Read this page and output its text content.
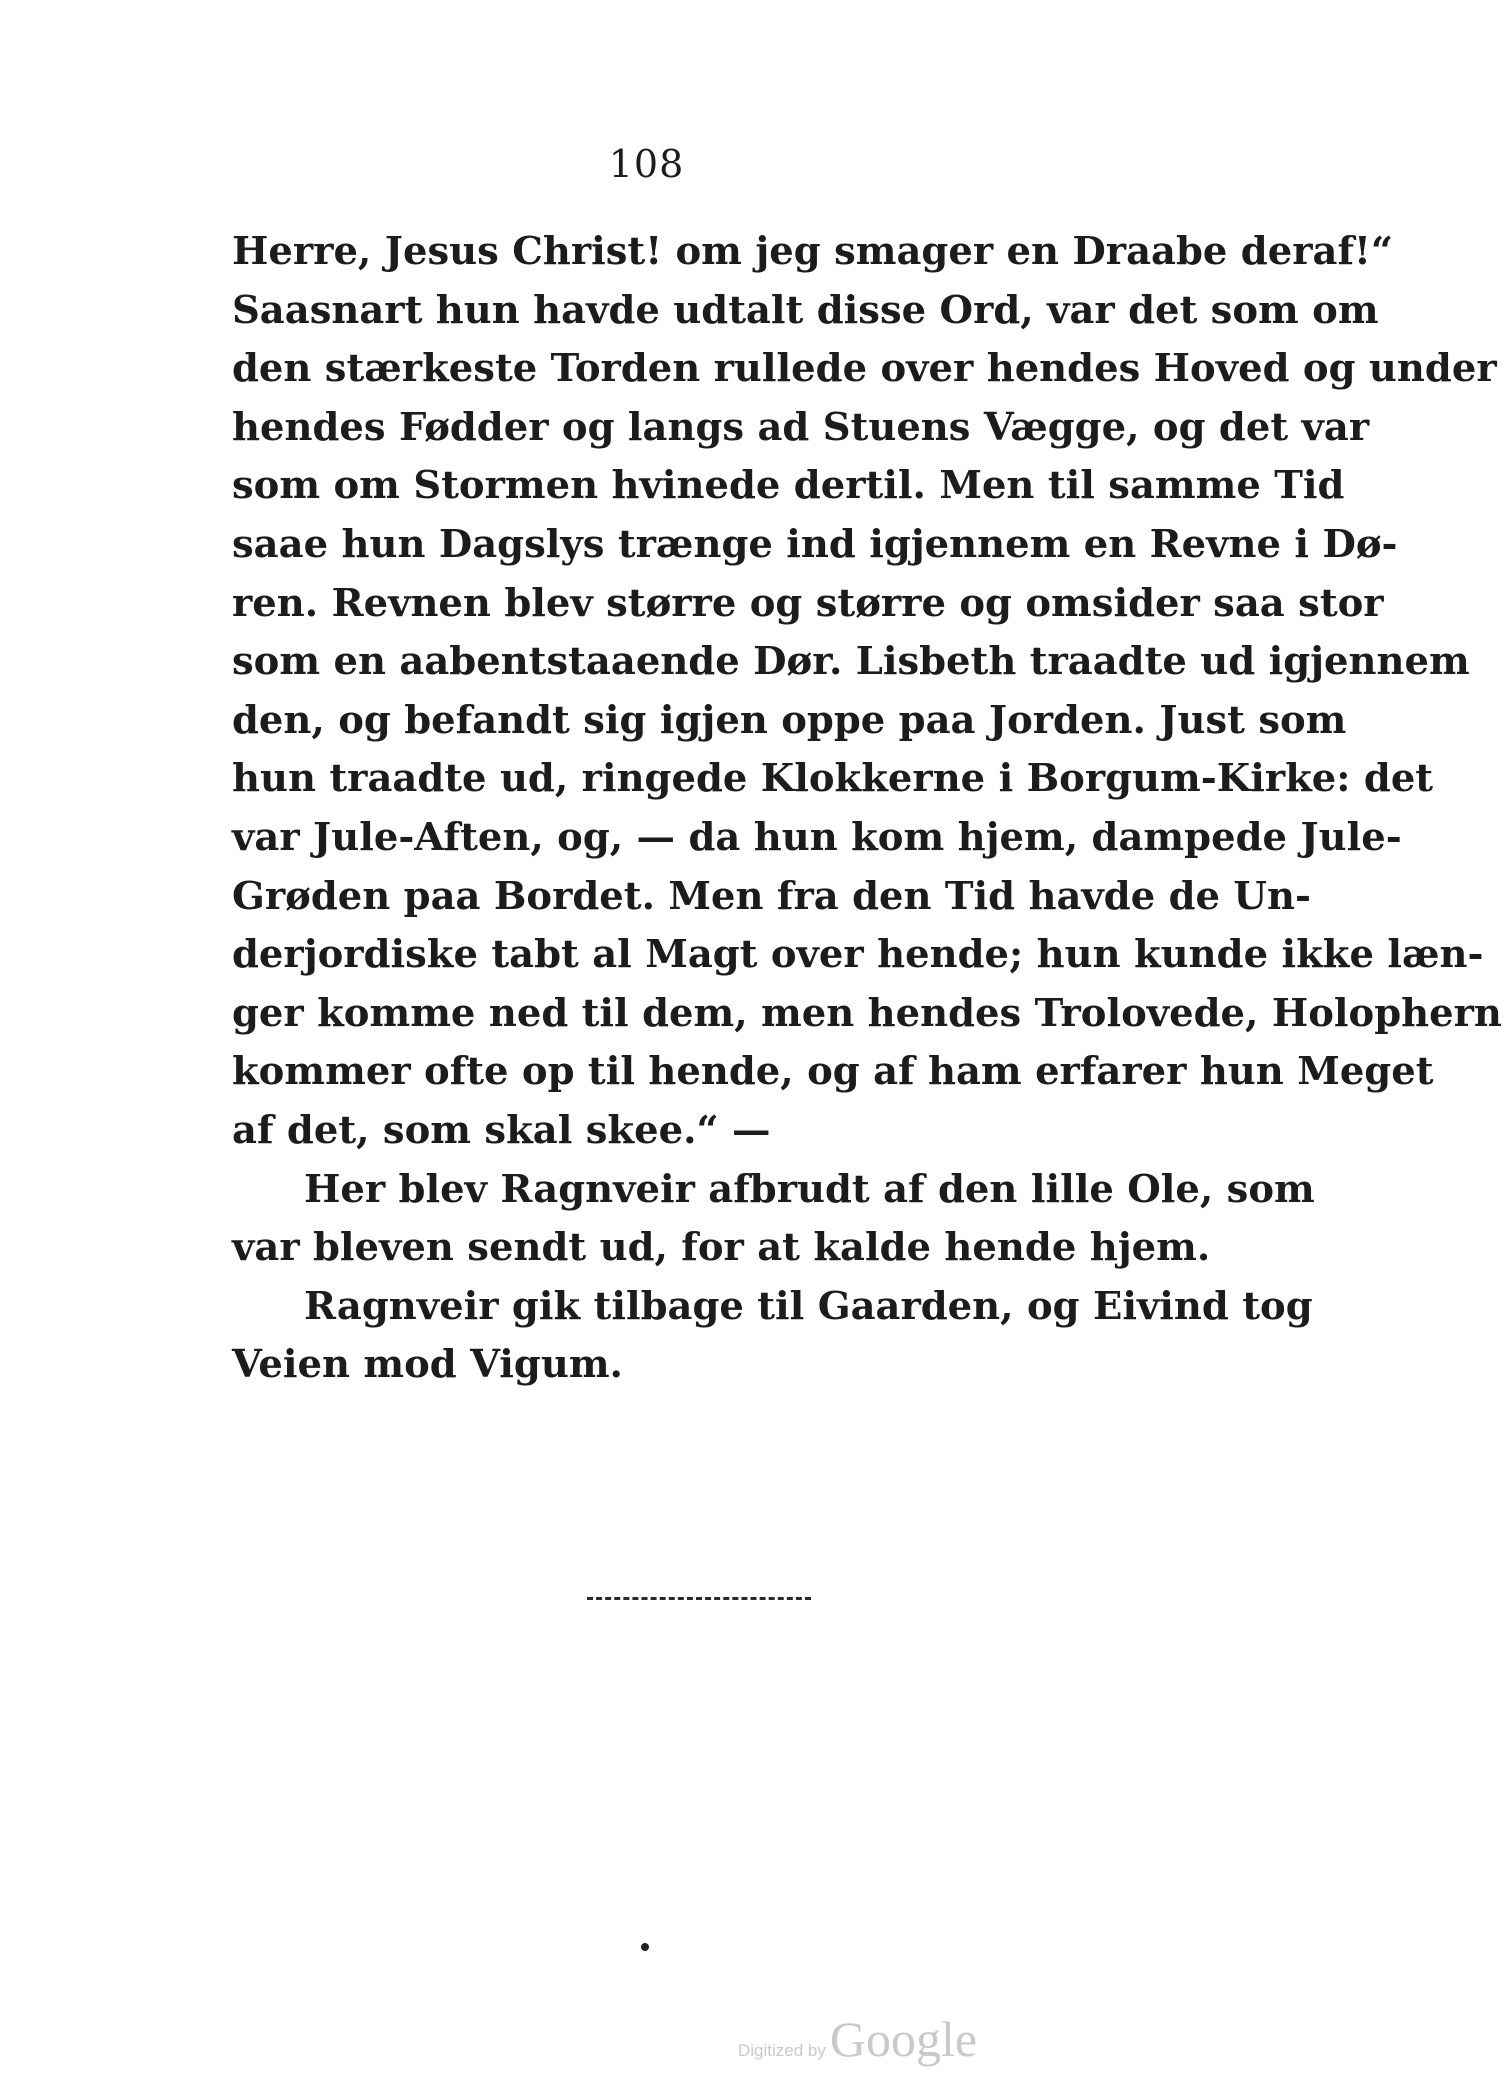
108
Herre, Jesus Christ! om jeg smager en Draabe deraf!“
Saasnart hun havde udtalt disse Ord, var det som om
den stærkeste Torden rullede over hendes Hoved og under
hendes Fødder og langs ad Stuens Vægge, og det var
som om Stormen hvinede dertil. Men til samme Tid
saae hun Dagslys trænge ind igjennem en Revne i Dø-
ren. Revnen blev større og større og omsider saa stor
som en aabentstaaende Dør. Lisbeth traadte ud igjennem
den, og befandt sig igjen oppe paa Jorden. Just som
hun traadte ud, ringede Klokkerne i Borgum-Kirke: det
var Jule-Aften, og, — da hun kom hjem, dampede Jule-
Grøden paa Bordet. Men fra den Tid havde de Un-
derjordiske tabt al Magt over hende; hun kunde ikke læn-
ger komme ned til dem, men hendes Trolovede, Holophern
kommer ofte op til hende, og af ham erfarer hun Meget
af det, som skal skee.“ —
Her blev Ragnveir afbrudt af den lille Ole, som
var bleven sendt ud, for at kalde hende hjem.
Ragnveir gik tilbage til Gaarden, og Eivind tog
Veien mod Vigum.
Digitized byGoogle
